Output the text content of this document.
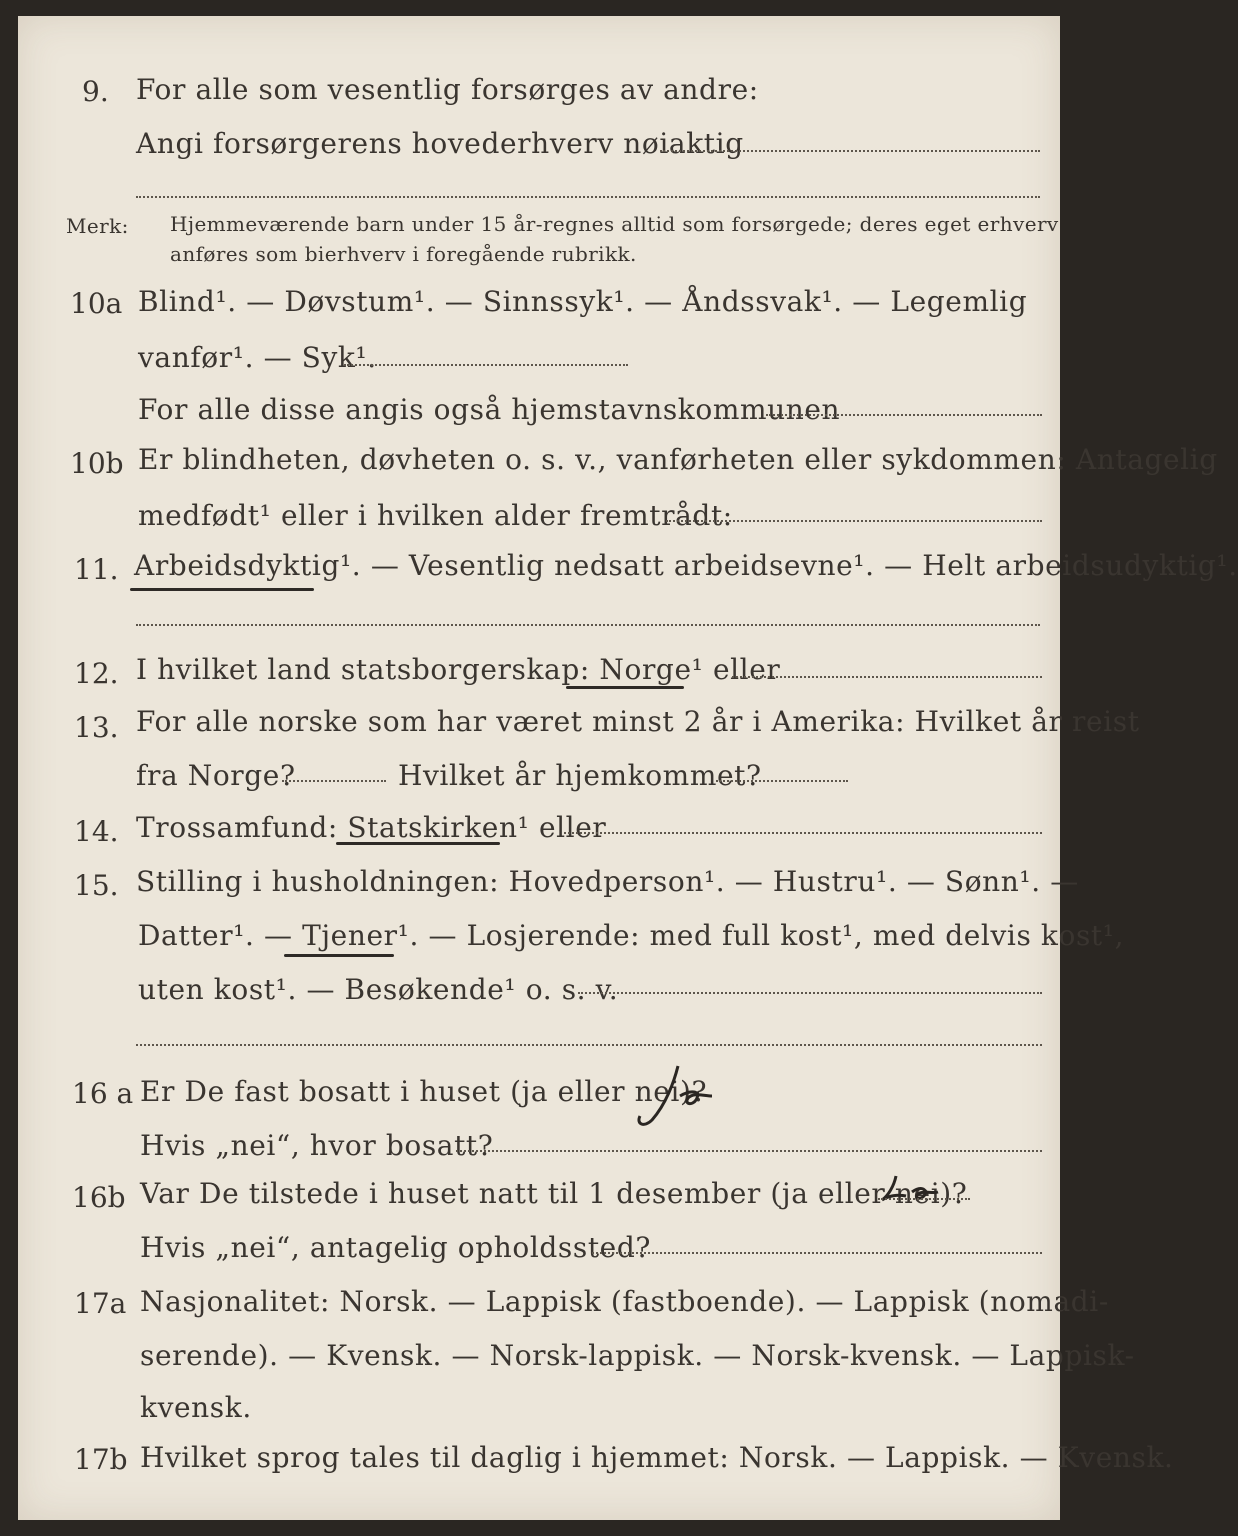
9. For alle som vesentlig forsørges av andre:
Angi forsørgerens hovederhverv nøiaktig
Merk: Hjemmeværende barn under 15 år-regnes alltid som forsørgede; deres eget erhverv
anføres som bierhverv i foregående rubrikk.
10a Blind¹. — Døvstum¹. — Sinnssyk¹. — Åndssvak¹. — Legemlig
vanfør¹. — Syk¹.
For alle disse angis også hjemstavnskommunen
10b Er blindheten, døvheten o. s. v., vanførheten eller sykdommen: Antagelig
medfødt¹ eller i hvilken alder fremtrådt:
11. Arbeidsdyktig¹. — Vesentlig nedsatt arbeidsevne¹. — Helt arbeidsudyktig¹.
12. I hvilket land statsborgerskap: Norge¹ eller
13. For alle norske som har været minst 2 år i Amerika: Hvilket år reist
fra Norge?	Hvilket år hjemkommet?
14. Trossamfund: Statskirken¹ eller
15. Stilling i husholdningen: Hovedperson¹. — Hustru¹. — Sønn¹. —
Datter¹. — Tjener¹. — Losjerende: med full kost¹, med delvis kost¹,
uten kost¹. — Besøkende¹ o. s. v.
16 a Er De fast bosatt i huset (ja eller nei)?
Hvis „nei“, hvor bosatt?
16b Var De tilstede i huset natt til 1 desember (ja eller nei)?
Hvis „nei“, antagelig opholdssted?
17a Nasjonalitet: Norsk. — Lappisk (fastboende). — Lappisk (nomadi-
serende). — Kvensk. — Norsk-lappisk. — Norsk-kvensk. — Lappisk-
kvensk.
17b Hvilket sprog tales til daglig i hjemmet: Norsk. — Lappisk. — Kvensk.
